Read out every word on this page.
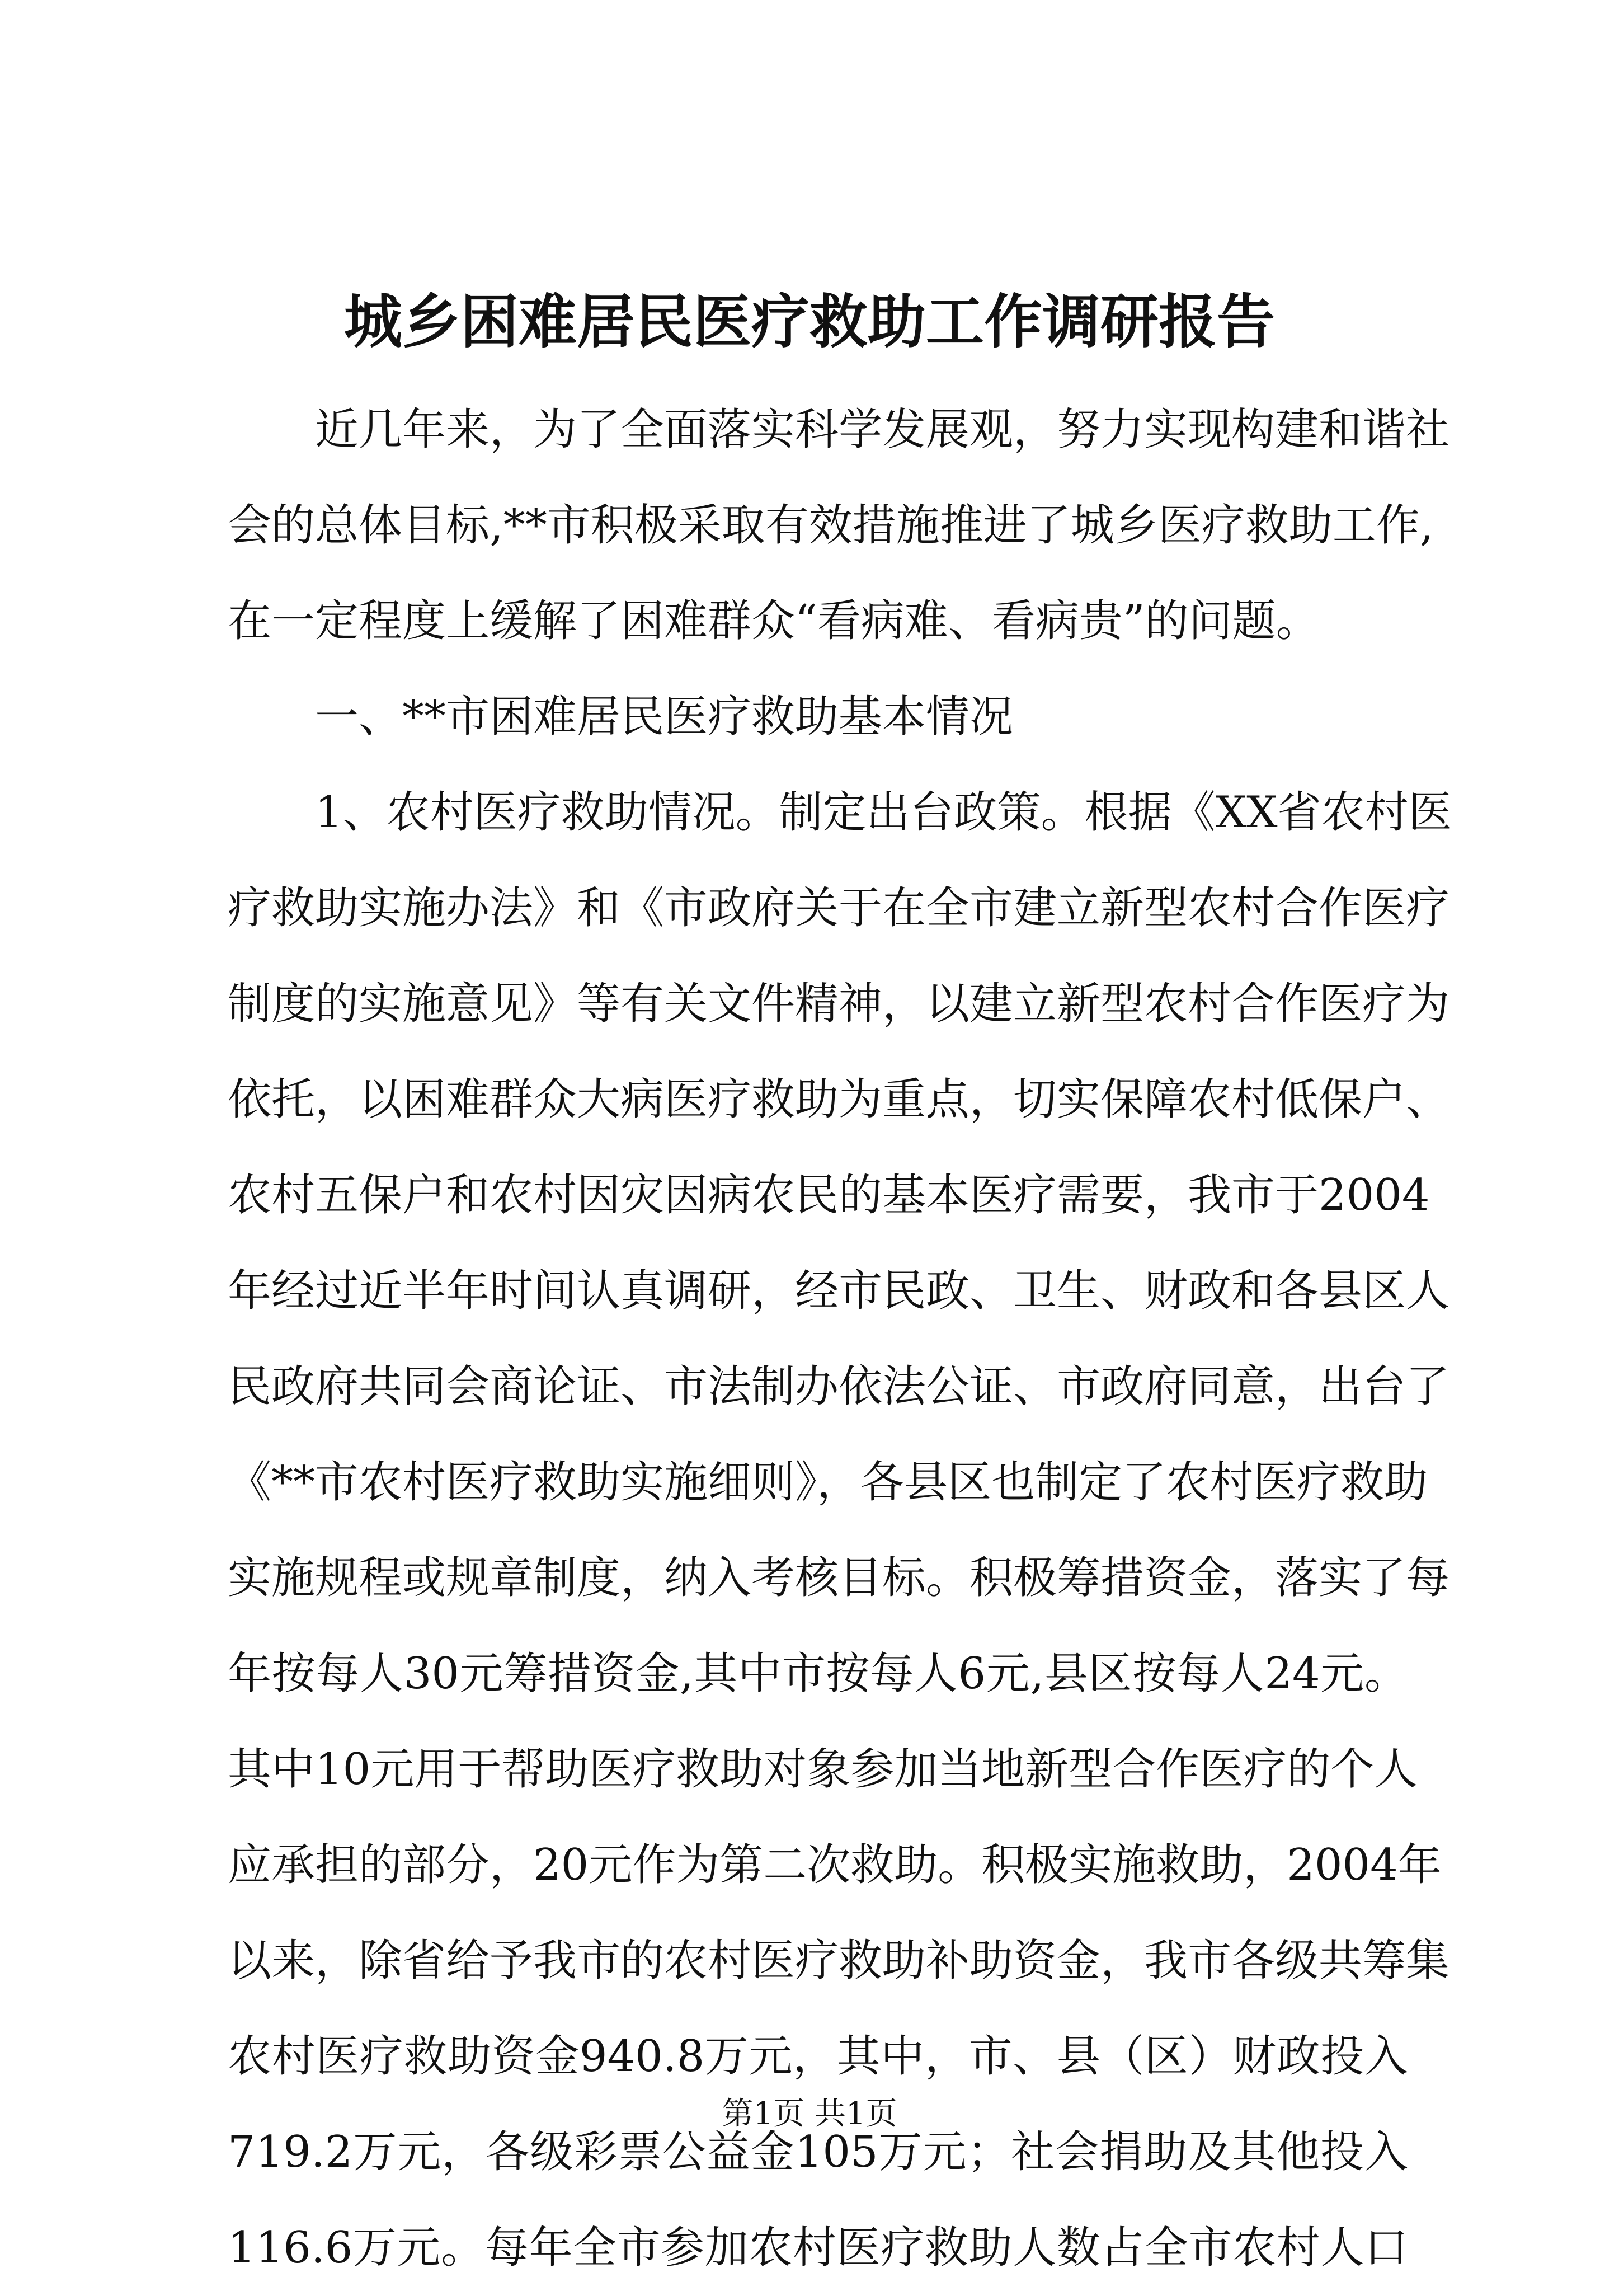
城乡困难居民医疗救助工作调研报告
近几年来，为了全面落实科学发展观，努力实现构建和谐社
会的总体目标,**市积极采取有效措施推进了城乡医疗救助工作,
在一定程度上缓解了困难群众“看病难、看病贵”的问题。
一、**市困难居民医疗救助基本情况
1、农村医疗救助情况。制定出台政策。根据《XX省农村医
疗救助实施办法》和《市政府关于在全市建立新型农村合作医疗
制度的实施意见》等有关文件精神，以建立新型农村合作医疗为
依托，以困难群众大病医疗救助为重点，切实保障农村低保户、
农村五保户和农村因灾因病农民的基本医疗需要，我市于2004
年经过近半年时间认真调研，经市民政、卫生、财政和各县区人
民政府共同会商论证、市法制办依法公证、市政府同意，出台了
《**市农村医疗救助实施细则》，各县区也制定了农村医疗救助
实施规程或规章制度，纳入考核目标。积极筹措资金，落实了每
年按每人30元筹措资金,其中市按每人6元,县区按每人24元。
其中10元用于帮助医疗救助对象参加当地新型合作医疗的个人
应承担的部分，20元作为第二次救助。积极实施救助，2004年
以来，除省给予我市的农村医疗救助补助资金，我市各级共筹集
农村医疗救助资金940.8万元，其中，市、县（区）财政投入
719.2万元，各级彩票公益金105万元；社会捐助及其他投入
116.6万元。每年全市参加农村医疗救助人数占全市农村人口
第1页 共1页
